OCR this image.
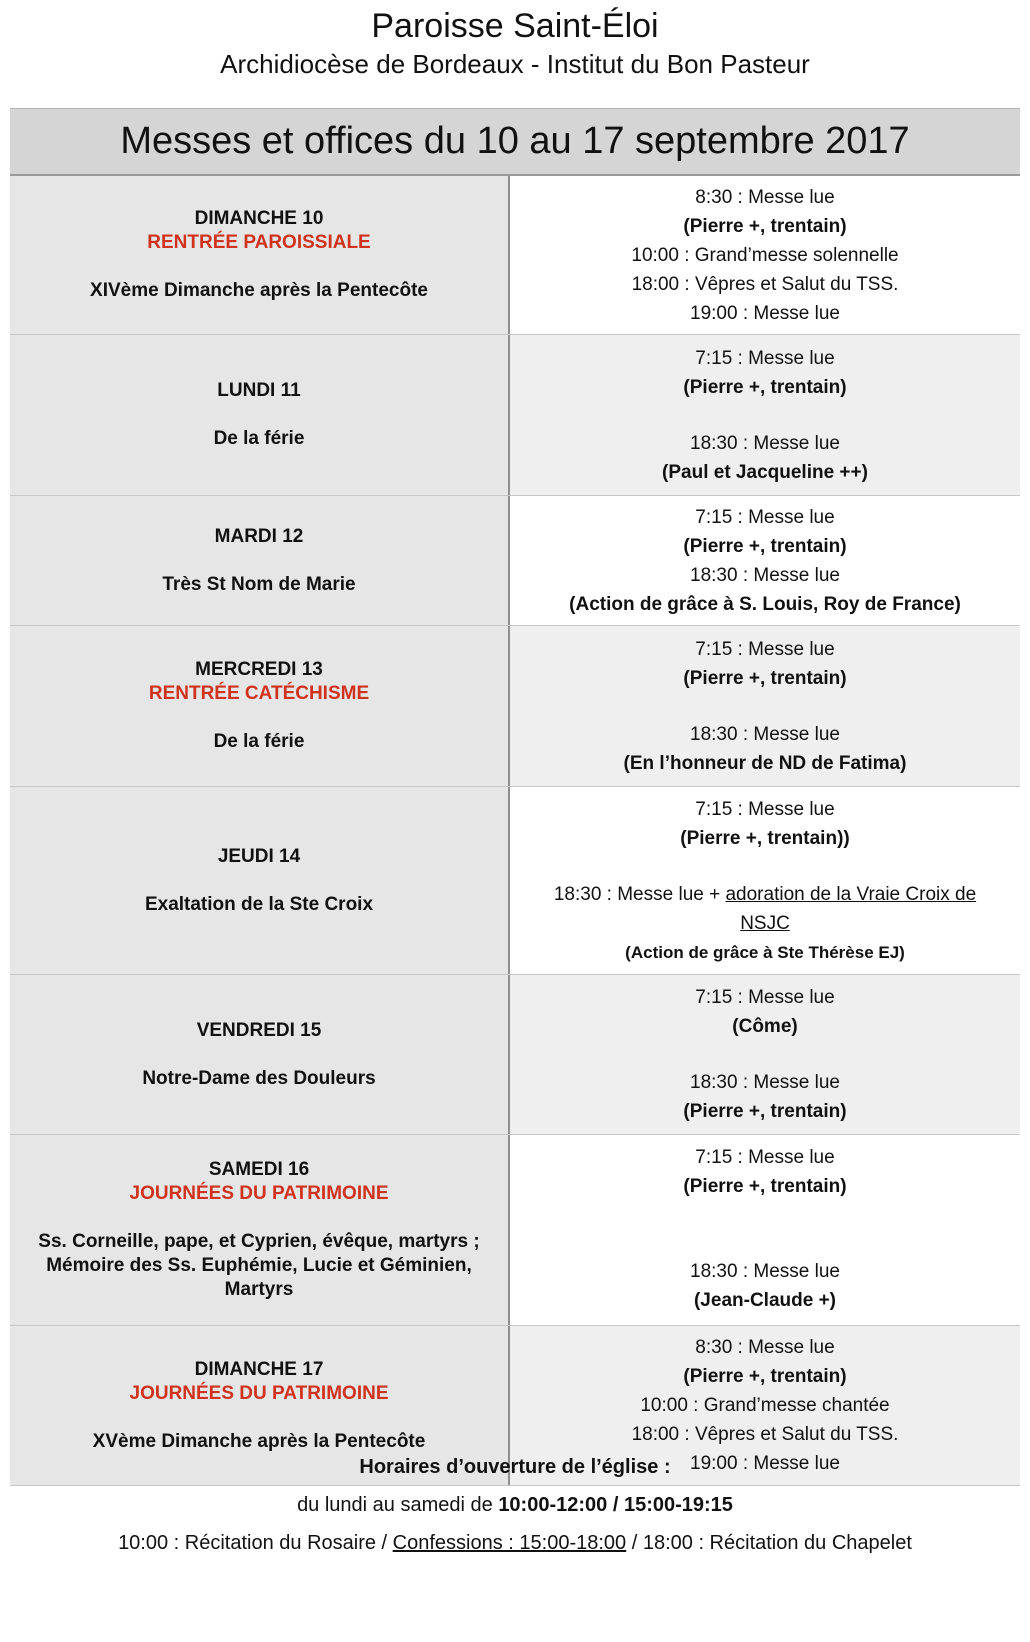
Paroisse Saint-Éloi
Archidiocèse de Bordeaux - Institut du Bon Pasteur
Messes et offices du 10 au 17 septembre 2017
DIMANCHE 10
RENTRÉE PAROISSIALE
XIVème Dimanche après la Pentecôte
8:30 : Messe lue
(Pierre +, trentain)
10:00 : Grand’messe solennelle
18:00 : Vêpres et Salut du TSS.
19:00 : Messe lue
LUNDI 11
De la férie
7:15 : Messe lue
(Pierre +, trentain)
18:30 : Messe lue
(Paul et Jacqueline ++)
MARDI 12
Très St Nom de Marie
7:15 : Messe lue
(Pierre +, trentain)
18:30 : Messe lue
(Action de grâce à S. Louis, Roy de France)
MERCREDI 13
RENTRÉE CATÉCHISME
De la férie
7:15 : Messe lue
(Pierre +, trentain)
18:30 : Messe lue
(En l’honneur de ND de Fatima)
JEUDI 14
Exaltation de la Ste Croix
7:15 : Messe lue
(Pierre +, trentain))
18:30 : Messe lue + adoration de la Vraie Croix de
NSJC
(Action de grâce à Ste Thérèse EJ)
VENDREDI 15
Notre-Dame des Douleurs
7:15 : Messe lue
(Côme)
18:30 : Messe lue
(Pierre +, trentain)
SAMEDI 16
JOURNÉES DU PATRIMOINE
Ss. Corneille, pape, et Cyprien, évêque, martyrs ;
Mémoire des Ss. Euphémie, Lucie et Géminien,
Martyrs
7:15 : Messe lue
(Pierre +, trentain)
18:30 : Messe lue
(Jean-Claude +)
DIMANCHE 17
JOURNÉES DU PATRIMOINE
XVème Dimanche après la Pentecôte
8:30 : Messe lue
(Pierre +, trentain)
10:00 : Grand’messe chantée
18:00 : Vêpres et Salut du TSS.
19:00 : Messe lue
Horaires d’ouverture de l’église :
du lundi au samedi de 10:00-12:00 / 15:00-19:15
10:00 : Récitation du Rosaire / Confessions : 15:00-18:00 / 18:00 : Récitation du Chapelet
